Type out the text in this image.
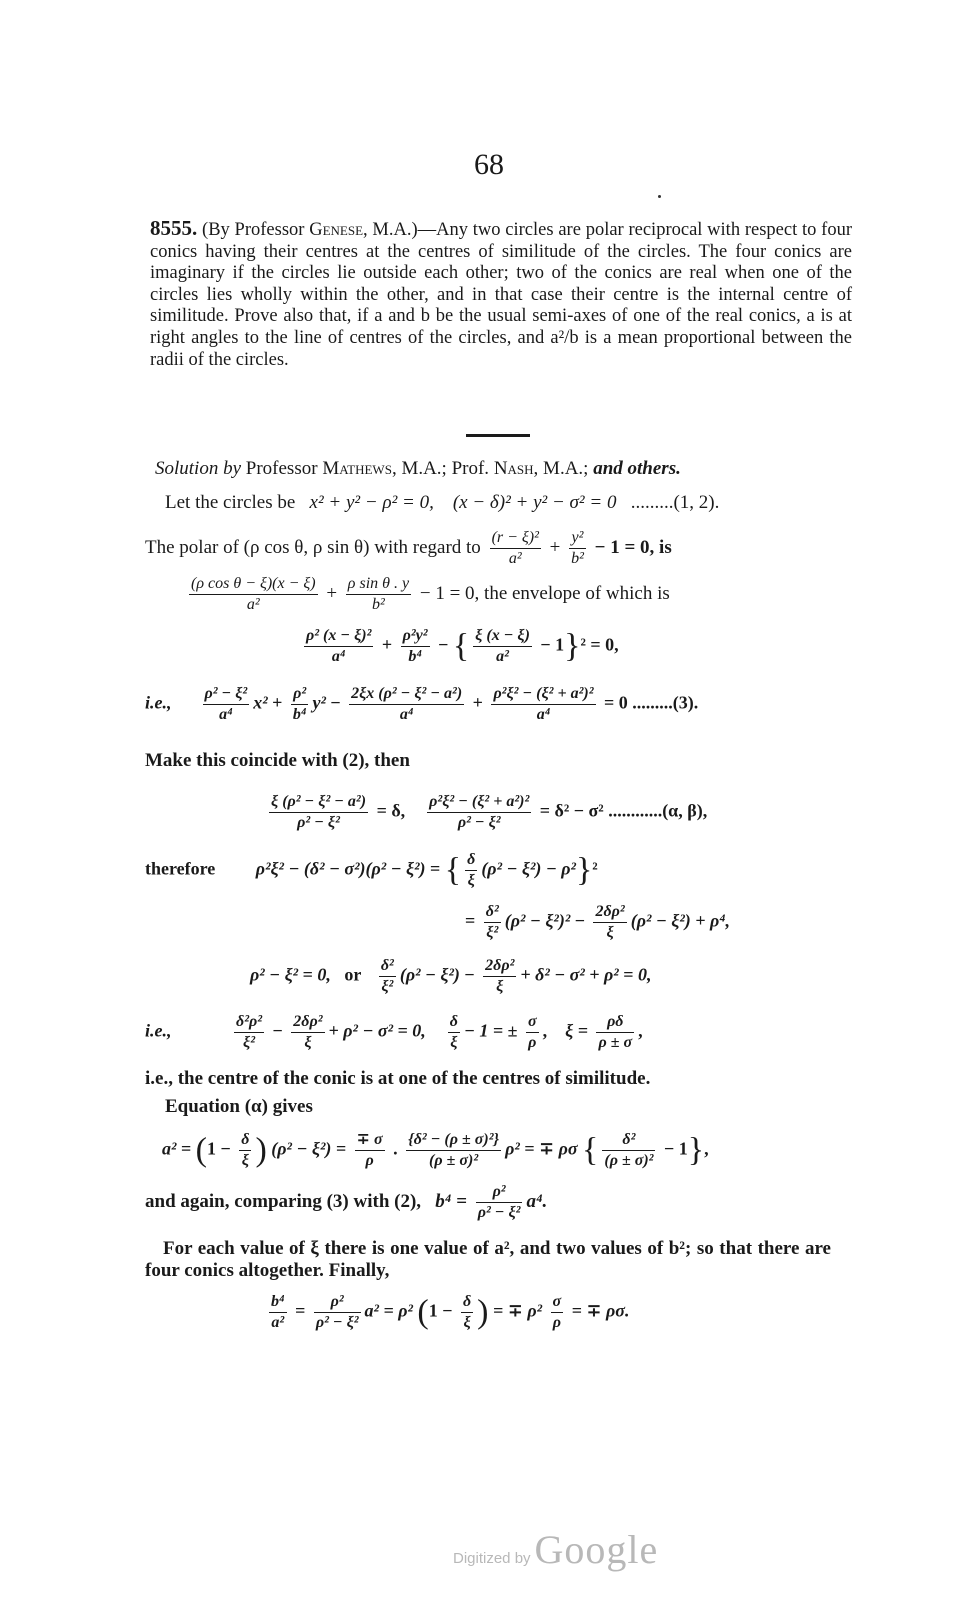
68
8555. (By Professor Genese, M.A.)—Any two circles are polar reciprocal with respect to four conics having their centres at the centres of similitude of the circles. The four conics are imaginary if the circles lie outside each other; two of the conics are real when one of the circles lies wholly within the other, and in that case their centre is the internal centre of similitude. Prove also that, if a and b be the usual semi-axes of one of the real conics, a is at right angles to the line of centres of the circles, and a²/b is a mean proportional between the radii of the circles.
Solution by Professor Mathews, M.A.; Prof. Nash, M.A.; and others.
Let the circles be x² + y² − ρ² = 0, (x − δ)² + y² − σ² = 0 .........(1, 2).
The polar of (ρ cos θ, ρ sin θ) with regard to $\frac{\text{(r − ξ)²}}{\text{a²}} + \frac{\text{y²}}{\text{b²}} - 1 = 0$, is
$\frac{\text{(ρ cos θ − ξ)(x − ξ)}}{\text{a²}} + \frac{\text{ρ sin θ . y}}{\text{b²}} - 1 = 0$, the envelope of which is
$\frac{\text{ρ² (x − ξ)²}}{\text{a⁴}} + \frac{\text{ρ²y²}}{\text{b⁴}}$ − { $\frac{\xi (x - \xi)}{\text{a²}} - 1\}^2 = 0$,
i.e., $\frac{\text{ρ² − ξ²}}{\text{a⁴}} x^2 + \frac{\text{ρ²}}{\text{b⁴}} y^2 - \frac{\text{2ξx (ρ² − ξ² − a²)}}{\text{a⁴}} + \frac{\text{ρ²ξ² − (ξ² + a²)²}}{\text{a⁴}} = 0$ .........(3).
Make this coincide with (2), then
$\frac{\text{ξ (ρ² − ξ² − a²)}}{\text{ρ² − ξ²}} = \delta$, $\frac{\text{ρ²ξ² − (ξ² + a²)²}}{\text{ρ² − ξ²}} = \delta^2 - \sigma^2$ ............(α, β),
therefore ρ²ξ² − (δ² − σ²)(ρ² − ξ²) = { $\frac{\delta}{\xi} (\rho^2 - \xi^2) - \rho^2\}^2$
= $\frac{\text{δ²}}{\text{ξ²}} (\rho^2 - \xi^2)^2 - \frac{\text{2δρ²}}{\xi} (\rho^2 - \xi^2) + \rho^4$,
ρ² − ξ² = 0,   or $\frac{\text{δ²}}{\text{ξ²}} (\rho^2 - \xi^2) - \frac{\text{2δρ²}}{\xi} + \delta^2 - \sigma^2 + \rho^2 = 0$,
i.e.,	$\frac{\text{δ²ρ²}}{\text{ξ²}} - \frac{\text{2δρ²}}{\xi} + \rho^2 - \sigma^2 = 0$, $\frac{\delta}{\xi} - 1$ = ± $\frac{\sigma}{\rho}$ ,    $\xi = \frac{\rho\delta}{\rho \pm \sigma}$ ,
i.e., the centre of the conic is at one of the centres of similitude.
Equation (α) gives
$a^2 = (1 - \frac{\delta}{\xi}$ ) $(\rho^2 - \xi^2) = \frac{\mp \sigma}{\rho}$ . $\frac{\text{\{δ² − (ρ ± σ)²\}}}{\text{(ρ ± σ)²}} \rho^2$ = ∓ ρσ { $\frac{\text{δ²}}{\text{(ρ ± σ)²}} - 1$},
and again, comparing (3) with (2), $b^4 = \frac{\text{ρ²}}{\text{ρ² − ξ²}} a^4$.
For each value of ξ there is one value of a², and two values of b²; so that there are four conics altogether. Finally,
$\frac{\text{b⁴}}{\text{a²}} = \frac{\text{ρ²}}{\text{ρ² − ξ²}} a^2 = \rho^2$ ($1 - \frac{\delta}{\xi}$ ) = ∓ $\rho^2 \frac{\sigma}{\rho}$ = ∓ ρσ.
Digitized by Google
